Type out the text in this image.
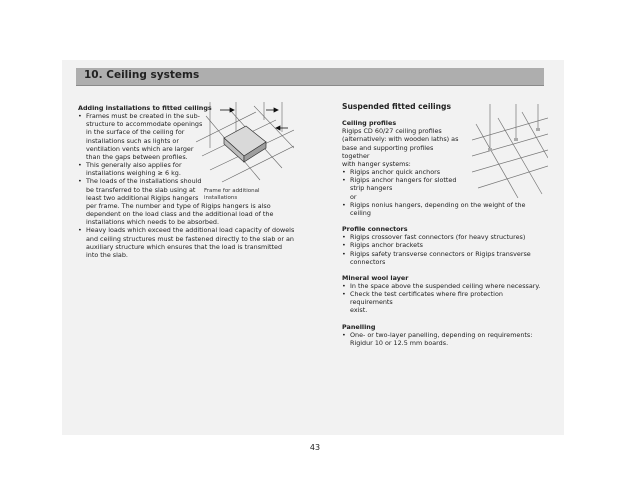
10. Ceiling systems
Adding installations to fitted ceilings
• Frames must be created in the sub-
structure to accommodate openings
in the surface of the ceiling for
installations such as lights or
ventilation vents which are larger
than the gaps between profiles.
• This generally also applies for
installations weighing ≥ 6 kg.
• The loads of the installations should
be transferred to the slab using at
least two additional Rigips hangers
per frame. The number and type of Rigips hangers is also
dependent on the load class and the additional load of the
installations which needs to be absorbed.
• Heavy loads which exceed the additional load capacity of dowels
and ceiling structures must be fastened directly to the slab or an
auxiliary structure which ensures that the load is transmitted
into the slab.
Frame for additional
installations
Suspended fitted ceilings
Ceiling profiles
Rigips CD 60/27 ceiling profiles
(alternatively: with wooden laths) as
base and supporting profiles together
with hanger systems:
• Rigips anchor quick anchors
• Rigips anchor hangers for slotted
strip hangers
or
• Rigips nonius hangers, depending on the weight of the ceiling
Profile connectors
• Rigips crossover fast connectors (for heavy structures)
• Rigips anchor brackets
• Rigips safety transverse connectors or Rigips transverse
connectors
Mineral wool layer
• In the space above the suspended ceiling where necessary.
• Check the test certificates where fire protection requirements
exist.
Panelling
• One- or two-layer panelling, depending on requirements:
Rigidur 10 or 12.5 mm boards.
43
